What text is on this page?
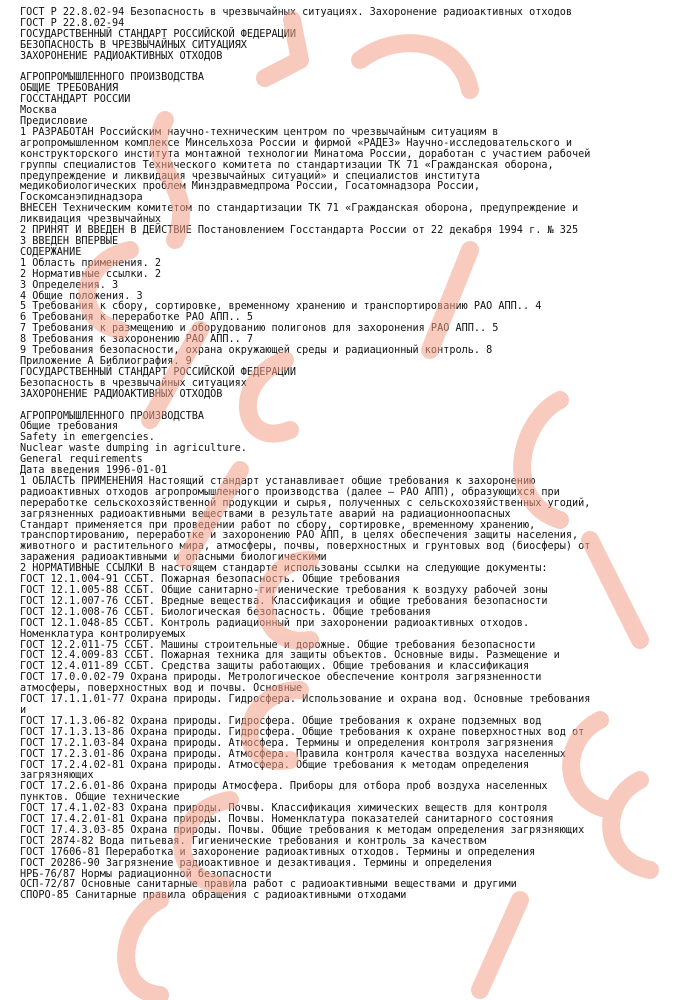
ГОСТ Р 22.8.02-94 Безопасность в чрезвычайных ситуациях. Захоронение радиоактивных отходов
ГОСТ Р 22.8.02-94
ГОСУДАРСТВЕННЫЙ СТАНДАРТ РОССИЙСКОЙ ФЕДЕРАЦИИ
БЕЗОПАСНОСТЬ В ЧРЕЗВЫЧАЙНЫХ СИТУАЦИЯХ
ЗАХОРОНЕНИЕ РАДИОАКТИВНЫХ ОТХОДОВ
АГРОПРОМЫШЛЕННОГО ПРОИЗВОДСТВА
ОБЩИЕ ТРЕБОВАНИЯ
ГОССТАНДАРТ РОССИИ
Москва
Предисловие
1 РАЗРАБОТАН Российским научно-техническим центром по чрезвычайным ситуациям в
агропромышленном комплексе Минсельхоза России и фирмой «РАДЕЗ» Научно-исследовательского и
конструкторского института монтажной технологии Минатома России, доработан с участием рабочей
группы специалистов Технического комитета по стандартизации ТК 71 «Гражданская оборона,
предупреждение и ликвидация чрезвычайных ситуаций» и специалистов института
медикобиологических проблем Минздравмедпрома России, Госатомнадзора России,
Госкомсанэпиднадзора
ВНЕСЕН Техническим комитетом по стандартизации ТК 71 «Гражданская оборона, предупреждение и
ликвидация чрезвычайных
2 ПРИНЯТ И ВВЕДЕН В ДЕЙСТВИЕ Постановлением Госстандарта России от 22 декабря 1994 г. № 325
3 ВВЕДЕН ВПЕРВЫЕ
СОДЕРЖАНИЕ
1 Область применения. 2
2 Нормативные ссылки. 2
3 Определения. 3
4 Общие положения. 3
5 Требования к сбору, сортировке, временному хранению и транспортированию РАО АПП.. 4
6 Требования к переработке РАО АПП.. 5
7 Требования к размещению и оборудованию полигонов для захоронения РАО АПП.. 5
8 Требования к захоронению РАО АПП.. 7
9 Требования безопасности, охрана окружающей среды и радиационный контроль. 8
Приложение А Библиография. 9
ГОСУДАРСТВЕННЫЙ СТАНДАРТ РОССИЙСКОЙ ФЕДЕРАЦИИ
Безопасность в чрезвычайных ситуациях
ЗАХОРОНЕНИЕ РАДИОАКТИВНЫХ ОТХОДОВ
АГРОПРОМЫШЛЕННОГО ПРОИЗВОДСТВА
Общие требования
Safety in emergencies.
Nuclear waste dumping in agriculture.
General requirements
Дата введения 1996-01-01
1 ОБЛАСТЬ ПРИМЕНЕНИЯ Настоящий стандарт устанавливает общие требования к захоронению
радиоактивных отходов агропромышленного производства (далее — РАО АПП), образующихся при
переработке сельскохозяйственной продукции и сырья, полученных с сельскохозяйственных угодий,
загрязненных радиоактивными веществами в результате аварий на радиационноопасных
Стандарт применяется при проведении работ по сбору, сортировке, временному хранению,
транспортированию, переработке и захоронению РАО АПП, в целях обеспечения защиты населения,
животного и растительного мира, атмосферы, почвы, поверхностных и грунтовых вод (биосферы) от
заражения радиоактивными и опасными биологическими
2 НОРМАТИВНЫЕ ССЫЛКИ В настоящем стандарте использованы ссылки на следующие документы:
ГОСТ 12.1.004-91 ССБТ. Пожарная безопасность. Общие требования
ГОСТ 12.1.005-88 ССБТ. Общие санитарно-гигиенические требования к воздуху рабочей зоны
ГОСТ 12.1.007-76 ССБТ. Вредные вещества. Классификация и общие требования безопасности
ГОСТ 12.1.008-76 ССБТ. Биологическая безопасность. Общие требования
ГОСТ 12.1.048-85 ССБТ. Контроль радиационный при захоронении радиоактивных отходов.
Номенклатура контролируемых
ГОСТ 12.2.011-75 ССБТ. Машины строительные и дорожные. Общие требования безопасности
ГОСТ 12.4.009-83 ССБТ. Пожарная техника для защиты объектов. Основные виды. Размещение и
ГОСТ 12.4.011-89 ССБТ. Средства защиты работающих. Общие требования и классификация
ГОСТ 17.0.0.02-79 Охрана природы. Метрологическое обеспечение контроля загрязненности
атмосферы, поверхностных вод и почвы. Основные
ГОСТ 17.1.1.01-77 Охрана природы. Гидросфера. Использование и охрана вод. Основные требования
и
ГОСТ 17.1.3.06-82 Охрана природы. Гидросфера. Общие требования к охране подземных вод
ГОСТ 17.1.3.13-86 Охрана природы. Гидросфера. Общие требования к охране поверхностных вод от
ГОСТ 17.2.1.03-84 Охрана природы. Атмосфера. Термины и определения контроля загрязнения
ГОСТ 17.2.3.01-86 Охрана природы. Атмосфера. Правила контроля качества воздуха населенных
ГОСТ 17.2.4.02-81 Охрана природы. Атмосфера. Общие требования к методам определения
загрязняющих
ГОСТ 17.2.6.01-86 Охрана природы Атмосфера. Приборы для отбора проб воздуха населенных
пунктов. Общие технические
ГОСТ 17.4.1.02-83 Охрана природы. Почвы. Классификация химических веществ для контроля
ГОСТ 17.4.2.01-81 Охрана природы. Почвы. Номенклатура показателей санитарного состояния
ГОСТ 17.4.3.03-85 Охрана природы. Почвы. Общие требования к методам определения загрязняющих
ГОСТ 2874-82 Вода питьевая. Гигиенические требования и контроль за качеством
ГОСТ 17606-81 Переработка и захоронение радиоактивных отходов. Термины и определения
ГОСТ 20286-90 Загрязнение радиоактивное и дезактивация. Термины и определения
НРБ-76/87 Нормы радиационной безопасности
ОСП-72/87 Основные санитарные правила работ с радиоактивными веществами и другими
СПОРО-85 Санитарные правила обращения с радиоактивными отходами
standartgost.ru
